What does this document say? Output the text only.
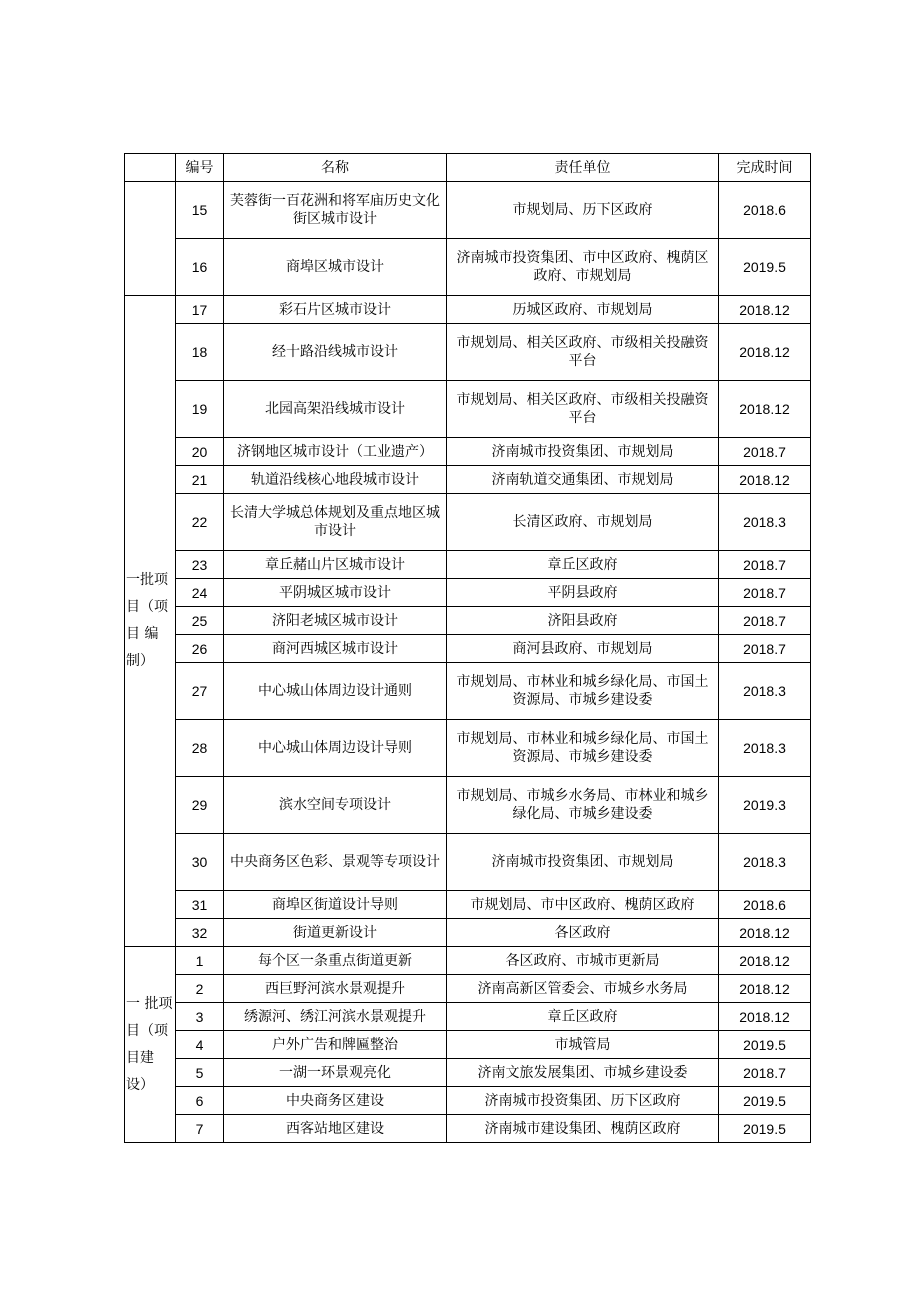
	编号	名称	责任单位	完成时间
	15	芙蓉街一百花洲和将军庙历史文化街区城市设计	市规划局、历下区政府	2018.6
	16	商埠区城市设计	济南城市投资集团、市中区政府、槐荫区政府、市规划局	2019.5
一批项目（项 目 编制）	17	彩石片区城市设计	历城区政府、市规划局	2018.12
	18	经十路沿线城市设计	市规划局、相关区政府、市级相关投融资平台	2018.12
	19	北园高架沿线城市设计	市规划局、相关区政府、市级相关投融资平台	2018.12
	20	济钢地区城市设计（工业遗产）	济南城市投资集团、市规划局	2018.7
	21	轨道沿线核心地段城市设计	济南轨道交通集团、市规划局	2018.12
	22	长清大学城总体规划及重点地区城市设计	长清区政府、市规划局	2018.3
	23	章丘赭山片区城市设计	章丘区政府	2018.7
	24	平阴城区城市设计	平阴县政府	2018.7
	25	济阳老城区城市设计	济阳县政府	2018.7
	26	商河西城区城市设计	商河县政府、市规划局	2018.7
	27	中心城山体周边设计通则	市规划局、市林业和城乡绿化局、市国土资源局、市城乡建设委	2018.3
	28	中心城山体周边设计导则	市规划局、市林业和城乡绿化局、市国土资源局、市城乡建设委	2018.3
	29	滨水空间专项设计	市规划局、市城乡水务局、市林业和城乡绿化局、市城乡建设委	2019.3
	30	中央商务区色彩、景观等专项设计	济南城市投资集团、市规划局	2018.3
	31	商埠区街道设计导则	市规划局、市中区政府、槐荫区政府	2018.6
	32	街道更新设计	各区政府	2018.12
一 批项目（项目建设）	1	每个区一条重点街道更新	各区政府、市城市更新局	2018.12
	2	西巨野河滨水景观提升	济南高新区管委会、市城乡水务局	2018.12
	3	绣源河、绣江河滨水景观提升	章丘区政府	2018.12
	4	户外广告和牌匾整治	市城管局	2019.5
	5	一湖一环景观亮化	济南文旅发展集团、市城乡建设委	2018.7
	6	中央商务区建设	济南城市投资集团、历下区政府	2019.5
	7	西客站地区建设	济南城市建设集团、槐荫区政府	2019.5
